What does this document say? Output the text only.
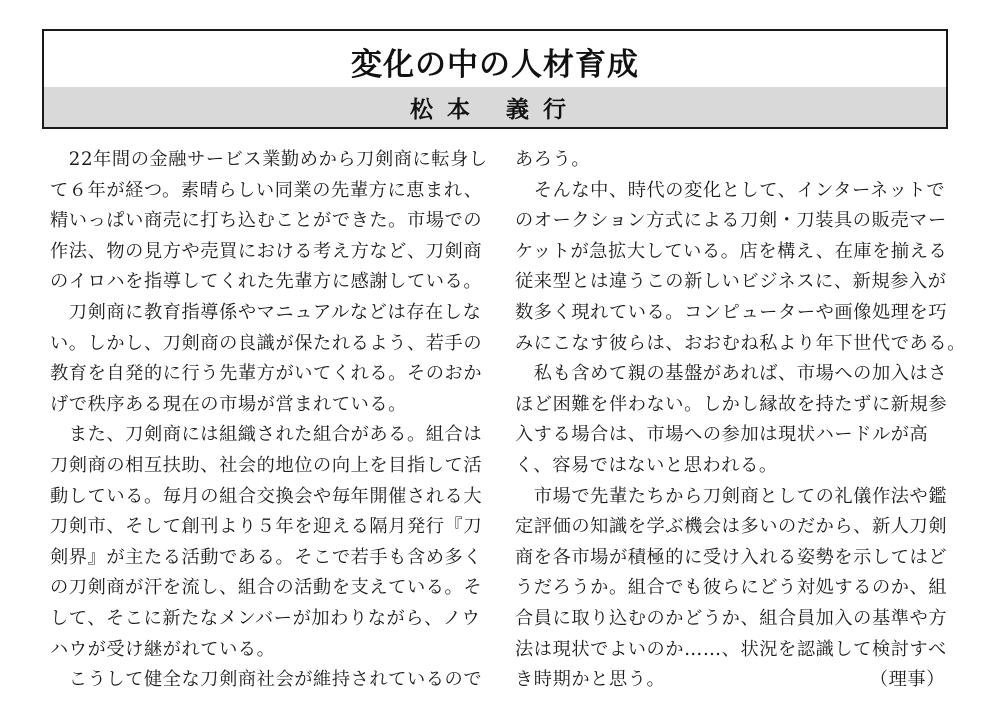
変化の中の人材育成
松本 義行
　22年間の金融サービス業勤めから刀剣商に転身し
て６年が経つ。素晴らしい同業の先輩方に恵まれ、
精いっぱい商売に打ち込むことができた。市場での
作法、物の見方や売買における考え方など、刀剣商
のイロハを指導してくれた先輩方に感謝している。
　刀剣商に教育指導係やマニュアルなどは存在しな
い。しかし、刀剣商の良識が保たれるよう、若手の
教育を自発的に行う先輩方がいてくれる。そのおか
げで秩序ある現在の市場が営まれている。
　また、刀剣商には組織された組合がある。組合は
刀剣商の相互扶助、社会的地位の向上を目指して活
動している。毎月の組合交換会や毎年開催される大
刀剣市、そして創刊より５年を迎える隔月発行『刀
剣界』が主たる活動である。そこで若手も含め多く
の刀剣商が汗を流し、組合の活動を支えている。そ
して、そこに新たなメンバーが加わりながら、ノウ
ハウが受け継がれている。
　こうして健全な刀剣商社会が維持されているので
あろう。
　そんな中、時代の変化として、インターネットで
のオークション方式による刀剣・刀装具の販売マー
ケットが急拡大している。店を構え、在庫を揃える
従来型とは違うこの新しいビジネスに、新規参入が
数多く現れている。コンピューターや画像処理を巧
みにこなす彼らは、おおむね私より年下世代である。
　私も含めて親の基盤があれば、市場への加入はさ
ほど困難を伴わない。しかし縁故を持たずに新規参
入する場合は、市場への参加は現状ハードルが高
く、容易ではないと思われる。
　市場で先輩たちから刀剣商としての礼儀作法や鑑
定評価の知識を学ぶ機会は多いのだから、新人刀剣
商を各市場が積極的に受け入れる姿勢を示してはど
うだろうか。組合でも彼らにどう対処するのか、組
合員に取り込むのかどうか、組合員加入の基準や方
法は現状でよいのか……、状況を認識して検討すべ
き時期かと思う。	（理事）
